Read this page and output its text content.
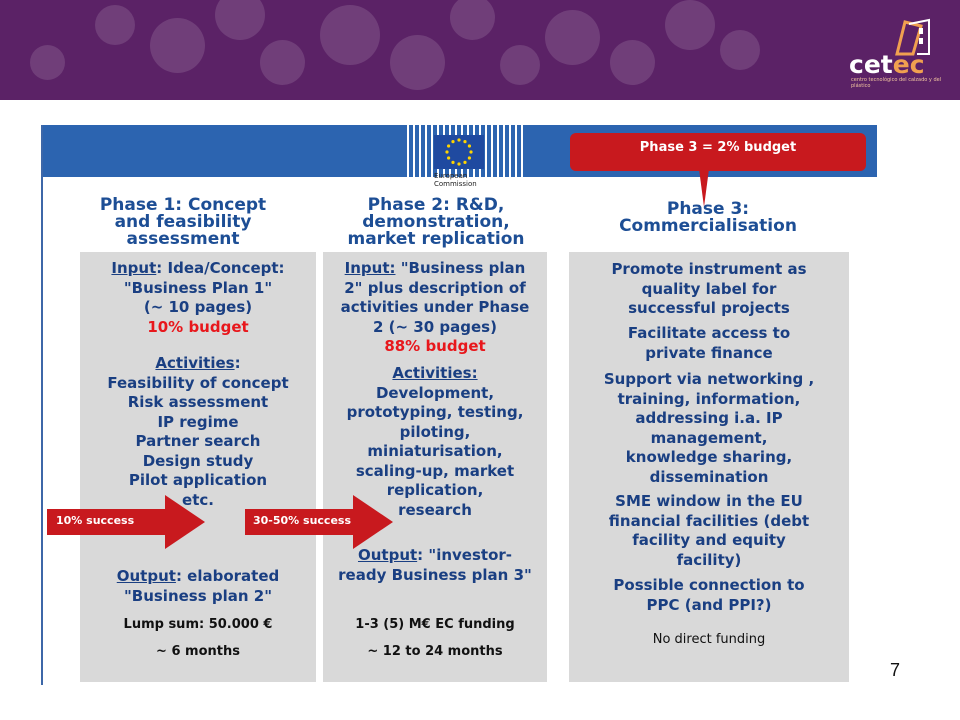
cetec
centro tecnológico del calzado y del plástico
European Commission
Phase 3 = 2% budget
Phase 1: Concept
and feasibility
assessment
Phase 2: R&D,
demonstration,
market replication
Phase 3:
Commercialisation
Input: Idea/Concept:
"Business Plan 1"
(~ 10 pages)
10% budget
Activities:
Feasibility of concept
Risk assessment
IP regime
Partner search
Design study
Pilot application
etc.
Output: elaborated
"Business plan 2"
Lump sum: 50.000 €
~ 6 months
Input: "Business plan
2" plus description of
activities under Phase
2 (~ 30 pages)
88% budget
Activities:
Development,
prototyping, testing,
piloting,
miniaturisation,
scaling-up, market
replication,
research
Output: "investor-
ready Business plan 3"
1-3 (5) M€ EC funding
~ 12 to 24 months
Promote instrument as
quality label for
successful projects
Facilitate access to
private finance
Support via networking ,
training, information,
addressing i.a. IP
management,
knowledge sharing,
dissemination
SME window in the EU
financial facilities (debt
facility and equity
facility)
Possible connection to
PPC (and PPI?)
No direct funding
10% success	30-50% success
7
